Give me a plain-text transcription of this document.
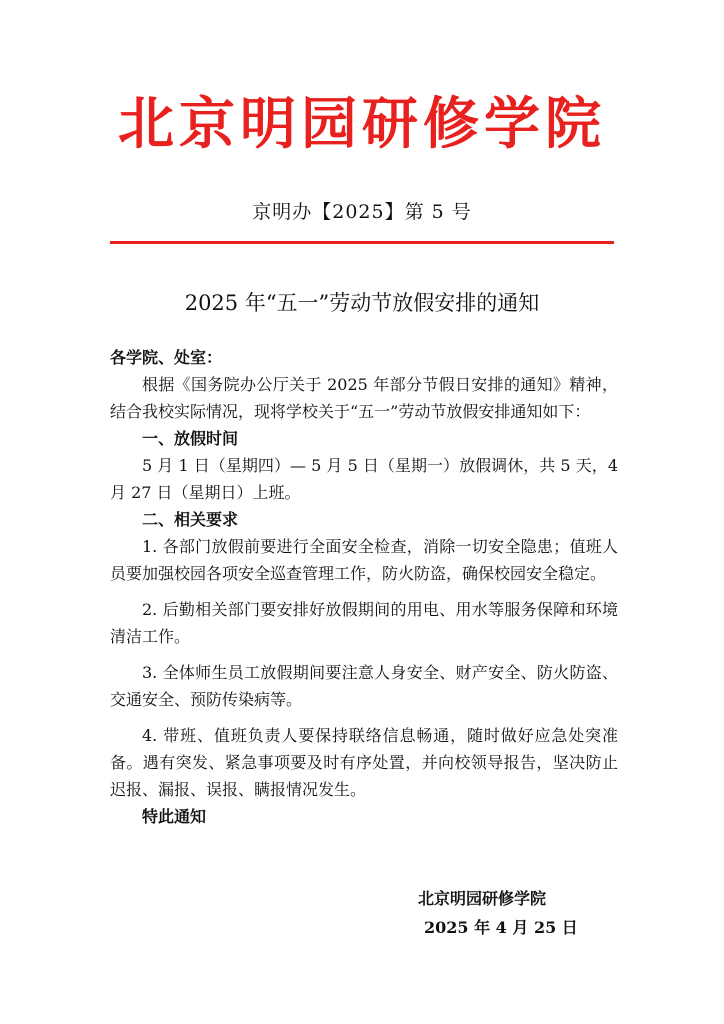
北京明园研修学院
京明办【2025】第 5 号
2025 年“五一”劳动节放假安排的通知

各学院、处室：

根据《国务院办公厅关于 2025 年部分节假日安排的通知》精神，结合我校实际情况，现将学校关于“五一”劳动节放假安排通知如下：

一、放假时间

5 月 1 日（星期四）— 5 月 5 日（星期一）放假调休，共 5 天，4 月 27 日（星期日）上班。

二、相关要求

1. 各部门放假前要进行全面安全检查，消除一切安全隐患；值班人员要加强校园各项安全巡查管理工作，防火防盗，确保校园安全稳定。

2. 后勤相关部门要安排好放假期间的用电、用水等服务保障和环境清洁工作。

3. 全体师生员工放假期间要注意人身安全、财产安全、防火防盗、交通安全、预防传染病等。

4. 带班、值班负责人要保持联络信息畅通，随时做好应急处突准备。遇有突发、紧急事项要及时有序处置，并向校领导报告，坚决防止迟报、漏报、误报、瞒报情况发生。

特此通知

北京明园研修学院
2025 年 4 月 25 日
